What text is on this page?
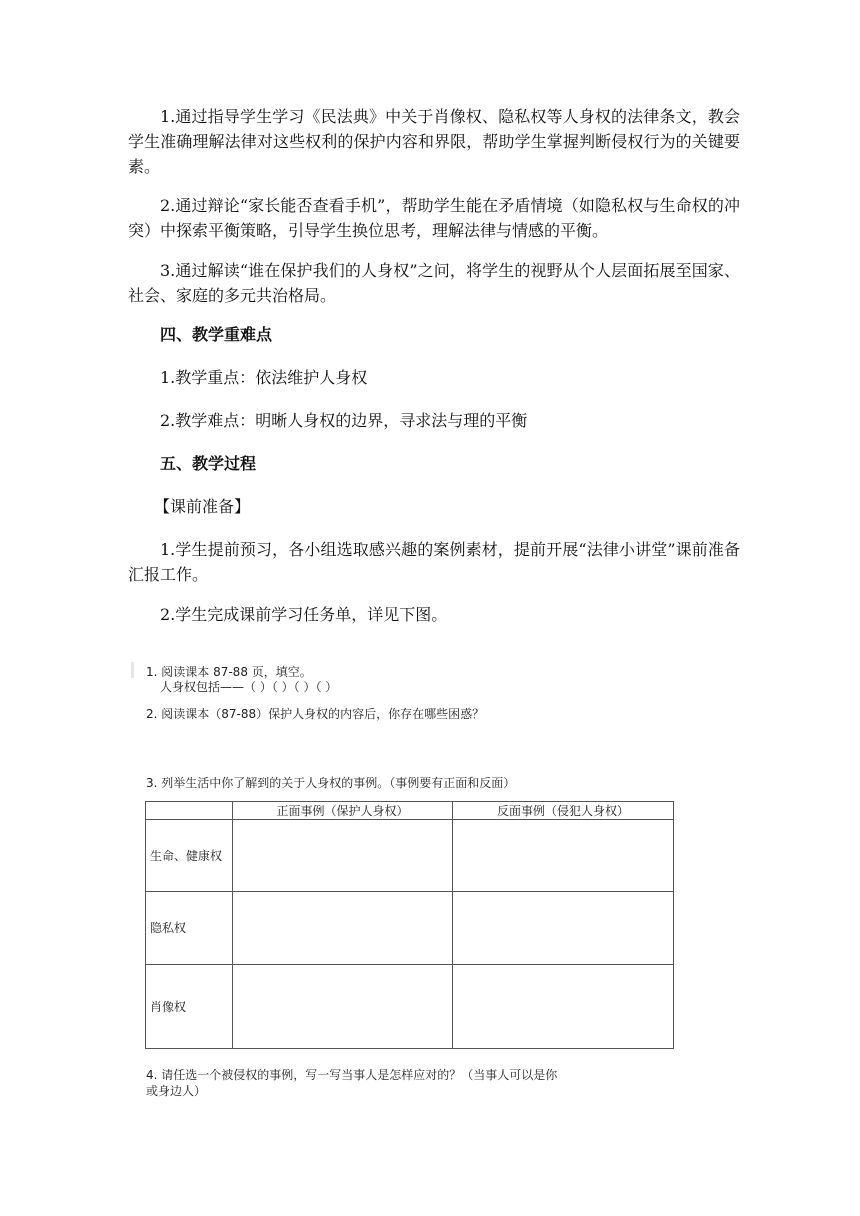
1.通过指导学生学习《民法典》中关于肖像权、隐私权等人身权的法律条文，教会学生准确理解法律对这些权利的保护内容和界限，帮助学生掌握判断侵权行为的关键要素。

2.通过辩论“家长能否查看手机”，帮助学生能在矛盾情境（如隐私权与生命权的冲突）中探索平衡策略，引导学生换位思考，理解法律与情感的平衡。

3.通过解读“谁在保护我们的人身权”之问，将学生的视野从个人层面拓展至国家、社会、家庭的多元共治格局。

四、教学重难点

1.教学重点：依法维护人身权

2.教学难点：明晰人身权的边界，寻求法与理的平衡

五、教学过程

【课前准备】

1.学生提前预习，各小组选取感兴趣的案例素材，提前开展“法律小讲堂”课前准备汇报工作。

2.学生完成课前学习任务单，详见下图。

1. 阅读课本 87-88 页，填空。
人身权包括——（ ）（ ）（ ）（ ）
2. 阅读课本（87-88）保护人身权的内容后，你存在哪些困惑？
3. 列举生活中你了解到的关于人身权的事例。（事例要有正面和反面）
	正面事例（保护人身权）	反面事例（侵犯人身权）
生命、健康权		
隐私权		
肖像权		
4. 请任选一个被侵权的事例，写一写当事人是怎样应对的？（当事人可以是你
或身边人）
